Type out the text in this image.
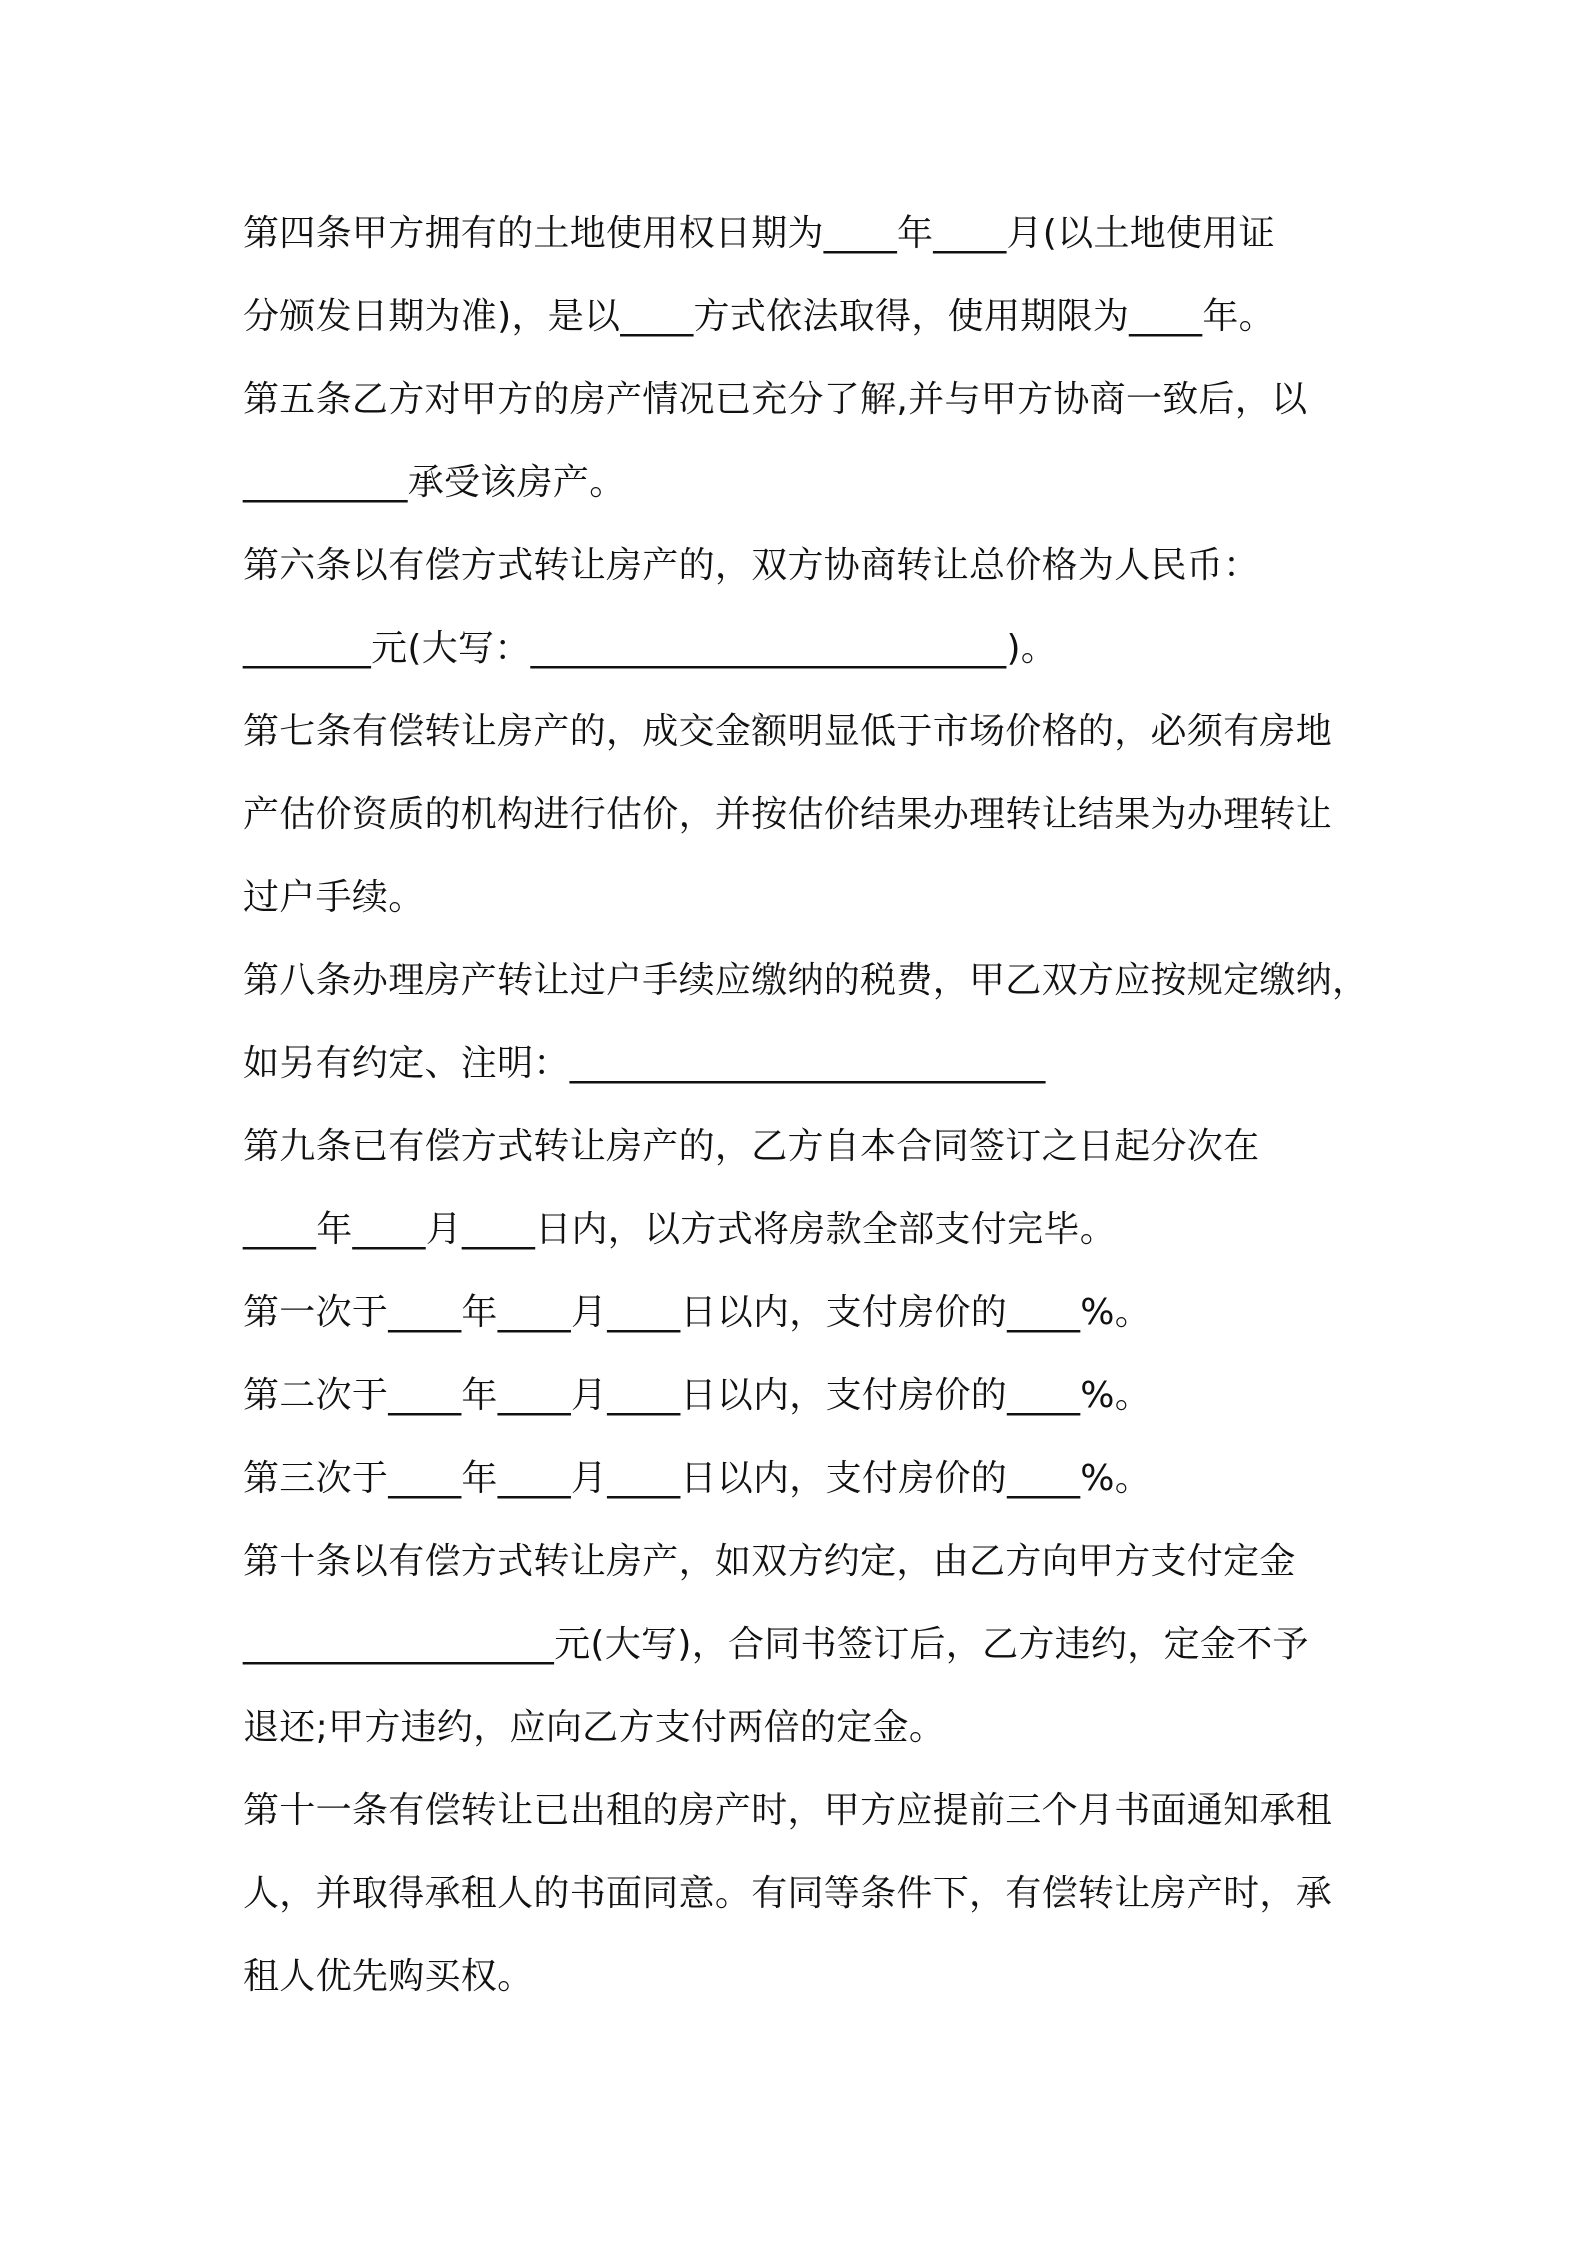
第四条甲方拥有的土地使用权日期为____年____月(以土地使用证
分颁发日期为准)，是以____方式依法取得，使用期限为____年。
第五条乙方对甲方的房产情况已充分了解,并与甲方协商一致后，以
_________承受该房产。
第六条以有偿方式转让房产的，双方协商转让总价格为人民币：
_______元(大写：__________________________)。
第七条有偿转让房产的，成交金额明显低于市场价格的，必须有房地
产估价资质的机构进行估价，并按估价结果办理转让结果为办理转让
过户手续。
第八条办理房产转让过户手续应缴纳的税费，甲乙双方应按规定缴纳，
如另有约定、注明：__________________________
第九条已有偿方式转让房产的，乙方自本合同签订之日起分次在
____年____月____日内，以方式将房款全部支付完毕。
第一次于____年____月____日以内，支付房价的____%。
第二次于____年____月____日以内，支付房价的____%。
第三次于____年____月____日以内，支付房价的____%。
第十条以有偿方式转让房产，如双方约定，由乙方向甲方支付定金
_________________元(大写)，合同书签订后，乙方违约，定金不予
退还;甲方违约，应向乙方支付两倍的定金。
第十一条有偿转让已出租的房产时，甲方应提前三个月书面通知承租
人，并取得承租人的书面同意。有同等条件下，有偿转让房产时，承
租人优先购买权。
